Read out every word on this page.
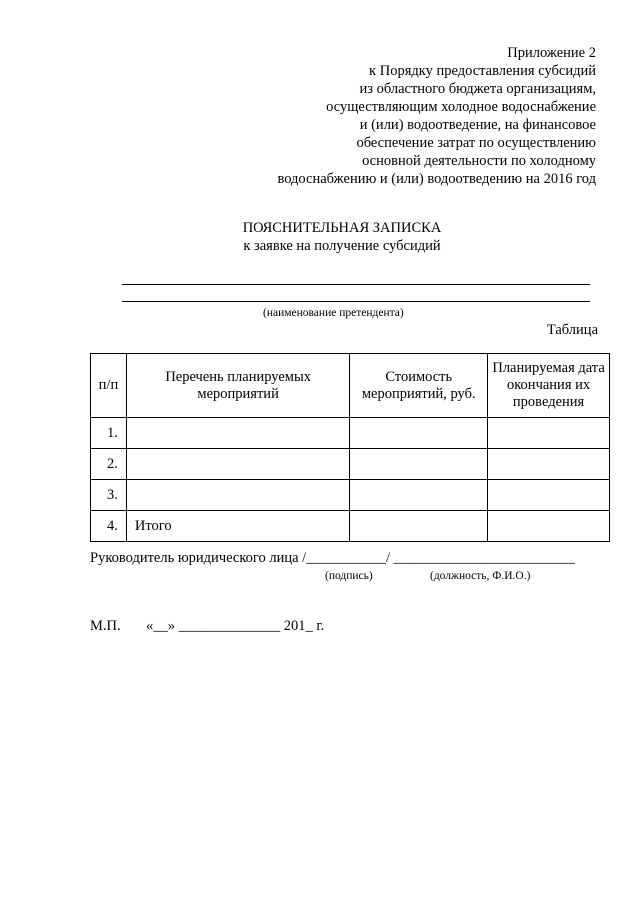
Приложение 2
к Порядку предоставления субсидий
из областного бюджета организациям,
осуществляющим холодное водоснабжение
и (или) водоотведение, на финансовое
обеспечение затрат по осуществлению
основной деятельности по холодному
водоснабжению и (или) водоотведению на 2016 год
ПОЯСНИТЕЛЬНАЯ ЗАПИСКА
к заявке на получение субсидий
(наименование претендента)
Таблица
п/п	Перечень планируемых мероприятий	Стоимость мероприятий, руб.	Планируемая дата окончания их проведения
1.			
2.			
3.			
4.	Итого		
Руководитель юридического лица /___________/ _________________________
(подпись)	(должность, Ф.И.О.)
М.П. «__» ______________ 201_ г.
